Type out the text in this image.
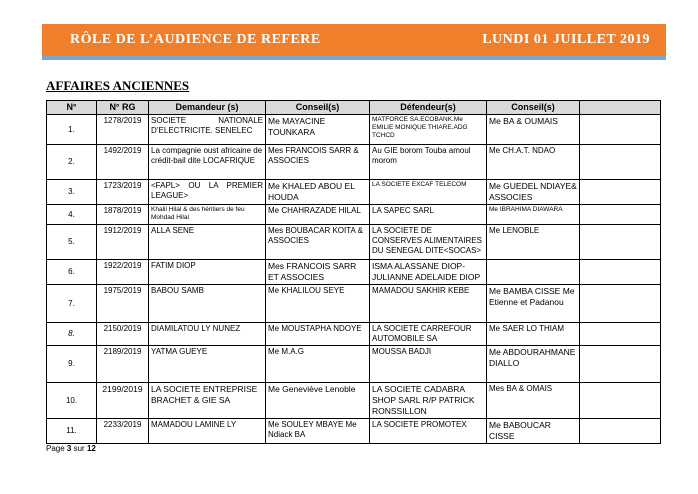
RÔLE DE L’AUDIENCE DE REFERE	LUNDI 01 JUILLET 2019
AFFAIRES ANCIENNES
N°	N° RG	Demandeur (s)	Conseil(s)	Défendeur(s)	Conseil(s)	
1.	1278/2019	SOCIETE NATIONALE D’ELECTRICITE. SENELEC	Me MAYACINE TOUNKARA	MATFORCE SA.ECOBANK.Me EMILIE MONIQUE THIARE.ADG TCHCD	Me BA & OUMAIS	
2.	1492/2019	La compagnie oust africaine de crédit-bail dite LOCAFRIQUE	Mes FRANCOIS SARR & ASSOCIES	Au GIE borom Touba amoul morom	Me CH.A.T. NDAO	
3.	1723/2019	<FAPL> OU LA PREMIER LEAGUE>	Me KHALED ABOU EL HOUDA	LA SOCIETE EXCAF TELECOM	Me GUEDEL NDIAYE& ASSOCIES	
4.	1878/2019	Khalil Hilal & des héritiers de feu Mohdad Hilal	Me CHAHRAZADE HILAL	LA SAPEC SARL	Me IBRAHIMA DIAWARA	
5.	1912/2019	ALLA SENE	Mes BOUBACAR KOITA & ASSOCIES	LA SOCIETE DE CONSERVES ALIMENTAIRES DU SENEGAL DITE<SOCAS>	Me LENOBLE	
6.	1922/2019	FATIM DIOP	Mes FRANCOIS SARR ET ASSOCIES	ISMA ALASSANE DIOP-JULIANNE ADELAIDE DIOP		
7.	1975/2019	BABOU SAMB	Me KHALILOU SEYE	MAMADOU SAKHIR KEBE	Me BAMBA CISSE Me Etienne et Padanou	
8.	2150/2019	DIAMILATOU LY NUNEZ	Me MOUSTAPHA NDOYE	LA SOCIETE CARREFOUR AUTOMOBILE SA	Me SAER LO THIAM	
9.	2189/2019	YATMA GUEYE	Me M.A.G	MOUSSA BADJI	Me ABDOURAHMANE DIALLO	
10.	2199/2019	LA SOCIETE ENTREPRISE BRACHET & GIE SA	Me Geneviève Lenoble	LA SOCIETE CADABRA SHOP SARL R/P PATRICK RONSSILLON	Mes BA & OMAIS	
11.	2233/2019	MAMADOU LAMINE LY	Me SOULEY MBAYE Me Ndiack BA	LA SOCIETE PROMOTEX	Me BABOUCAR CISSE	
Page 3 sur 12
